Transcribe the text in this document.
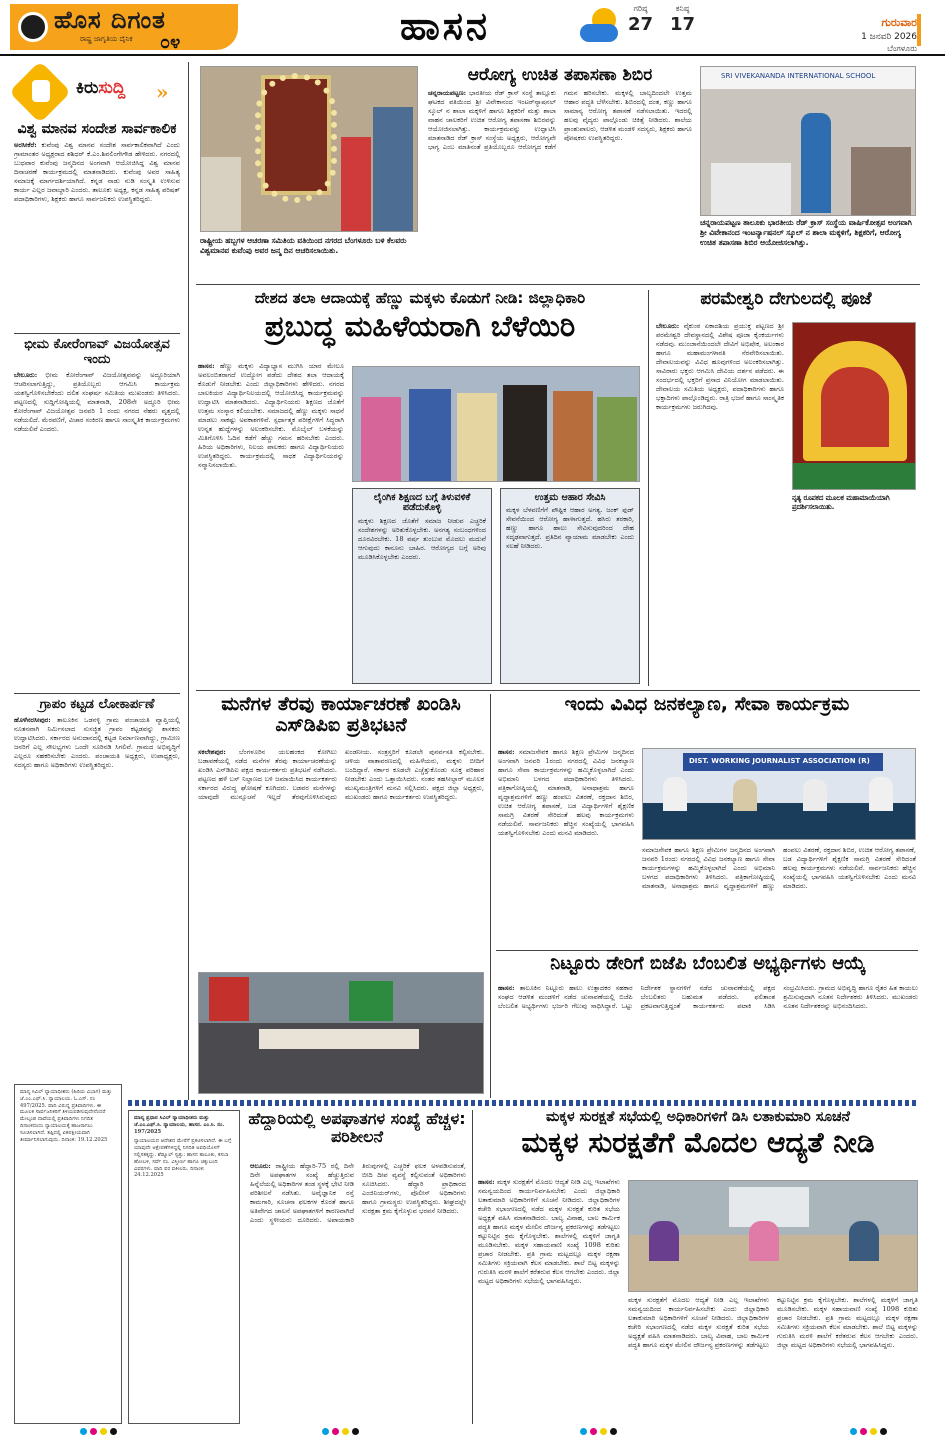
ಹೊಸ ದಿಗಂತ
ರಾಷ್ಟ್ರ ಜಾಗೃತಿಯ ದೈನಿಕ ೦೪	ಹಾಸನ	ಗರಿಷ್ಠ
27
ಕನಿಷ್ಠ
17	ಗುರುವಾರ
1 ಜನವರಿ 2026
ಬೆಂಗಳೂರು
ಕಿರುಸುದ್ದಿ »
ವಿಶ್ವ ಮಾನವ ಸಂದೇಶ ಸಾರ್ವಕಾಲಿಕ

ಅರಸೀಕೆರೆ: ಕುವೆಂಪು ವಿಶ್ವ ಮಾನವ ಸಂದೇಶ ಸಾರ್ವಕಾಲಿಕವಾಗಿದೆ ಎಂದು ಗ್ರಾಮಾಂತರ ಅಧ್ಯಕ್ಷರಾದ ಶಶಿಧರ್ ಕೆ.ಎಂ.ಶಿವಲಿಂಗೇಗೌಡ ಹೇಳಿದರು. ನಗರದಲ್ಲಿ ಬುಧವಾರ ಕುವೆಂಪು ಜನ್ಮದಿನದ ಅಂಗವಾಗಿ ಆಯೋಜಿಸಿದ್ದ ವಿಶ್ವ ಮಾನವ ದಿನಾಚರಣೆ ಕಾರ್ಯಕ್ರಮದಲ್ಲಿ ಮಾತನಾಡಿದರು. ಕುವೆಂಪು ಅವರ ಸಾಹಿತ್ಯ ಸಮಾಜಕ್ಕೆ ಮಾರ್ಗದರ್ಶಿಯಾಗಿದೆ. ಕನ್ನಡ ನಾಡು ನುಡಿ ಸಂಸ್ಕೃತಿ ಉಳಿಸುವ ಕಾರ್ಯ ಎಲ್ಲರ ಜವಾಬ್ದಾರಿ ಎಂದರು. ತಾಲೂಕು ಅಧ್ಯಕ್ಷ, ಕನ್ನಡ ಸಾಹಿತ್ಯ ಪರಿಷತ್ ಪದಾಧಿಕಾರಿಗಳು, ಶಿಕ್ಷಕರು ಹಾಗೂ ಸಾರ್ವಜನಿಕರು ಉಪಸ್ಥಿತರಿದ್ದರು.

ಭೀಮ ಕೋರೆಂಗಾವ್ ವಿಜಯೋತ್ಸವ ಇಂದು

ಬೇಲೂರು: ಭೀಮ ಕೋರೆಂಗಾವ್ ವಿಜಯೋತ್ಸವವನ್ನು ಅದ್ದೂರಿಯಾಗಿ ಆಚರಿಸಲಾಗುತ್ತಿದ್ದು, ಪ್ರತಿಯೊಬ್ಬರು ಆಗಮಿಸಿ ಕಾರ್ಯಕ್ರಮ ಯಶಸ್ವಿಗೊಳಿಸಬೇಕೆಂದು ದಲಿತ ಸಂಘರ್ಷ ಸಮಿತಿಯ ಮುಖಂಡರು ತಿಳಿಸಿದರು. ಪಟ್ಟಣದಲ್ಲಿ ಸುದ್ದಿಗೋಷ್ಠಿಯಲ್ಲಿ ಮಾತನಾಡಿ, 208ನೇ ಅದ್ದೂರಿ ಭೀಮ ಕೋರೆಂಗಾವ್ ವಿಜಯೋತ್ಸವ ಜನವರಿ 1 ರಂದು ನಗರದ ನೆಹರು ವೃತ್ತದಲ್ಲಿ ನಡೆಯಲಿದೆ. ಮೆರವಣಿಗೆ, ವಿಚಾರ ಸಂಕಿರಣ ಹಾಗೂ ಸಾಂಸ್ಕೃತಿಕ ಕಾರ್ಯಕ್ರಮಗಳು ನಡೆಯಲಿವೆ ಎಂದರು.

ಗ್ರಾಪಂ ಕಟ್ಟಡ ಲೋಕಾರ್ಪಣೆ

ಹೊಳೆನರಸೀಪುರ: ತಾಲೂಕಿನ ಒಡನಳ್ಳಿ ಗ್ರಾಮ ಪಂಚಾಯತಿ ವ್ಯಾಪ್ತಿಯಲ್ಲಿ ನೂತನವಾಗಿ ನಿರ್ಮಿಸಲಾದ ಸುಸಜ್ಜಿತ ಗ್ರಾಪಂ ಕಟ್ಟಡವನ್ನು ಶಾಸಕರು ಉದ್ಘಾಟಿಸಿದರು. ಸರ್ಕಾರದ ಅನುದಾನದಲ್ಲಿ ಕಟ್ಟಡ ನಿರ್ಮಾಣವಾಗಿದ್ದು, ಗ್ರಾಮೀಣ ಜನರಿಗೆ ಎಲ್ಲ ಸೌಲಭ್ಯಗಳು ಒಂದೇ ಸೂರಿನಡಿ ಸಿಗಲಿವೆ. ಗ್ರಾಮದ ಅಭಿವೃದ್ಧಿಗೆ ಎಲ್ಲರೂ ಸಹಕರಿಸಬೇಕು ಎಂದರು. ಪಂಚಾಯತಿ ಅಧ್ಯಕ್ಷರು, ಉಪಾಧ್ಯಕ್ಷರು, ಸದಸ್ಯರು ಹಾಗೂ ಅಧಿಕಾರಿಗಳು ಉಪಸ್ಥಿತರಿದ್ದರು.

ರಾಷ್ಟ್ರೀಯ ಹಬ್ಬಗಳ ಆಚರಣಾ ಸಮಿತಿಯ ವತಿಯಿಂದ ನಗರದ ಬೆಂಗಳೂರು ಬಳಿ ಕೆಲವರು ವಿಶ್ವಮಾನವ ಕುವೆಂಪು ಅವರ ಜನ್ಮ ದಿನ ಆಚರಿಸಲಾಯಿತು.
ಆರೋಗ್ಯ ಉಚಿತ ತಪಾಸಣಾ ಶಿಬಿರ

ಚನ್ನರಾಯಪಟ್ಟಣ: ಭಾರತೀಯ ರೆಡ್ ಕ್ರಾಸ್ ಸಂಸ್ಥೆ ತಾಲ್ಲೂಕು ಘಟಕದ ವತಿಯಿಂದ ಶ್ರೀ ವಿವೇಕಾನಂದ ಇಂಟರ್‌ನ್ಯಾಷನಲ್ ಸ್ಕೂಲ್ ನ ಶಾಲಾ ಮಕ್ಕಳಿಗೆ ಹಾಗೂ ಶಿಕ್ಷಕರಿಗೆ ಮತ್ತು ಶಾಲಾ ವಾಹನ ಚಾಲಕರಿಗೆ ಉಚಿತ ಆರೋಗ್ಯ ತಪಾಸಣಾ ಶಿಬಿರವನ್ನು ಆಯೋಜಿಸಲಾಗಿತ್ತು. ಕಾರ್ಯಕ್ರಮವನ್ನು ಉದ್ಘಾಟಿಸಿ ಮಾತನಾಡಿದ ರೆಡ್ ಕ್ರಾಸ್ ಸಂಸ್ಥೆಯ ಅಧ್ಯಕ್ಷರು, ಆರೋಗ್ಯವೇ ಭಾಗ್ಯ ಎಂಬ ಮಾತಿನಂತೆ ಪ್ರತಿಯೊಬ್ಬರೂ ಆರೋಗ್ಯದ ಕಡೆಗೆ ಗಮನ ಹರಿಸಬೇಕು. ಮಕ್ಕಳಲ್ಲಿ ಬಾಲ್ಯದಿಂದಲೇ ಉತ್ತಮ ಆಹಾರ ಪದ್ಧತಿ ಬೆಳೆಸಬೇಕು. ಶಿಬಿರದಲ್ಲಿ ದಂತ, ಕಣ್ಣು ಹಾಗೂ ಸಾಮಾನ್ಯ ಆರೋಗ್ಯ ತಪಾಸಣೆ ನಡೆಸಲಾಯಿತು. ಇದರಲ್ಲಿ ಹಲವು ವೈದ್ಯರು ಪಾಲ್ಗೊಂಡು ಚಿಕಿತ್ಸೆ ನೀಡಿದರು. ಶಾಲೆಯ ಪ್ರಾಂಶುಪಾಲರು, ಆಡಳಿತ ಮಂಡಳಿ ಸದಸ್ಯರು, ಶಿಕ್ಷಕರು ಹಾಗೂ ಪೋಷಕರು ಉಪಸ್ಥಿತರಿದ್ದರು.

SRI VIVEKANANDA INTERNATIONAL SCHOOL
ಚನ್ನರಾಯಪಟ್ಟಣ ತಾಲೂಕು ಭಾರತೀಯ ರೆಡ್ ಕ್ರಾಸ್ ಸಂಸ್ಥೆಯ ವಾರ್ಷಿಕೋತ್ಸವ ಅಂಗವಾಗಿ ಶ್ರೀ ವಿವೇಕಾನಂದ ಇಂಟರ್ನ್ಯಾಷನಲ್ ಸ್ಕೂಲ್ ನ ಶಾಲಾ ಮಕ್ಕಳಿಗೆ, ಶಿಕ್ಷಕರಿಗೆ, ಆರೋಗ್ಯ ಉಚಿತ ತಪಾಸಣಾ ಶಿಬಿರ ಆಯೋಜಿಸಲಾಗಿತ್ತು.
ದೇಶದ ತಲಾ ಆದಾಯಕ್ಕೆ ಹೆಣ್ಣು ಮಕ್ಕಳು ಕೊಡುಗೆ ನೀಡಿ: ಜಿಲ್ಲಾಧಿಕಾರಿ
ಪ್ರಬುದ್ಧ ಮಹಿಳೆಯರಾಗಿ ಬೆಳೆಯಿರಿ

ಹಾಸನ: ಹೆಣ್ಣು ಮಕ್ಕಳು ವಿದ್ಯಾಭ್ಯಾಸ ಮುಗಿಸಿ ಯಾರ ಮೇಲೂ ಅವಲಂಬಿತರಾಗದೆ ಉದ್ಯೋಗ ಪಡೆದು ದೇಶದ ತಲಾ ಆದಾಯಕ್ಕೆ ಕೊಡುಗೆ ನೀಡಬೇಕು ಎಂದು ಜಿಲ್ಲಾಧಿಕಾರಿಗಳು ಹೇಳಿದರು. ನಗರದ ಬಾಲಕಿಯರ ವಿದ್ಯಾರ್ಥಿನಿಲಯದಲ್ಲಿ ಆಯೋಜಿಸಿದ್ದ ಕಾರ್ಯಕ್ರಮವನ್ನು ಉದ್ಘಾಟಿಸಿ ಮಾತನಾಡಿದರು. ವಿದ್ಯಾರ್ಥಿನಿಯರು ಶಿಕ್ಷಣದ ಜೊತೆಗೆ ಉತ್ತಮ ಸಂಸ್ಕಾರ ಕಲಿಯಬೇಕು. ಸಮಾಜದಲ್ಲಿ ಹೆಣ್ಣು ಮಕ್ಕಳು ಸಾಧನೆ ಮಾಡಲು ಸಾಕಷ್ಟು ಅವಕಾಶಗಳಿವೆ. ಸ್ಪರ್ಧಾತ್ಮಕ ಪರೀಕ್ಷೆಗಳಿಗೆ ಸಿದ್ಧರಾಗಿ ಉನ್ನತ ಹುದ್ದೆಗಳನ್ನು ಅಲಂಕರಿಸಬೇಕು. ಮೊಬೈಲ್ ಬಳಕೆಯನ್ನು ಮಿತಿಗೊಳಿಸಿ ಓದಿನ ಕಡೆಗೆ ಹೆಚ್ಚು ಗಮನ ಹರಿಸಬೇಕು ಎಂದರು. ಹಿರಿಯ ಅಧಿಕಾರಿಗಳು, ನಿಲಯ ಪಾಲಕರು ಹಾಗೂ ವಿದ್ಯಾರ್ಥಿನಿಯರು ಉಪಸ್ಥಿತರಿದ್ದರು. ಕಾರ್ಯಕ್ರಮದಲ್ಲಿ ಸಾಧಕ ವಿದ್ಯಾರ್ಥಿನಿಯರನ್ನು ಸನ್ಮಾನಿಸಲಾಯಿತು.

ಲೈಂಗಿಕ ಶಿಕ್ಷಣದ ಬಗ್ಗೆ ತಿಳುವಳಿಕೆ ಪಡೆದುಕೊಳ್ಳಿ

ಮಕ್ಕಳು ಶಿಕ್ಷಣದ ಜೊತೆಗೆ ಸಮಾಜ ನೀಡುವ ಎಚ್ಚರಿಕೆ ಸಂದೇಶಗಳನ್ನು ಅರಿತುಕೊಳ್ಳಬೇಕು. ಅನಗತ್ಯ ಸಂಬಂಧಗಳಿಂದ ದೂರವಿರಬೇಕು. 18 ವರ್ಷ ತುಂಬುವ ಮೊದಲು ಮದುವೆ ಆಗುವುದು ಕಾನೂನು ಬಾಹಿರ. ಆರೋಗ್ಯದ ಬಗ್ಗೆ ಅರಿವು ಮೂಡಿಸಿಕೊಳ್ಳಬೇಕು ಎಂದರು.

ಉತ್ತಮ ಆಹಾರ ಸೇವಿಸಿ

ಮಕ್ಕಳ ಬೆಳವಣಿಗೆಗೆ ಪೌಷ್ಟಿಕ ಆಹಾರ ಅಗತ್ಯ. ಜಂಕ್ ಫುಡ್ ಸೇವನೆಯಿಂದ ಆರೋಗ್ಯ ಹಾಳಾಗುತ್ತದೆ. ಹಸಿರು ತರಕಾರಿ, ಹಣ್ಣು ಹಾಗೂ ಹಾಲು ಸೇವಿಸುವುದರಿಂದ ದೇಹ ಸದೃಢವಾಗುತ್ತದೆ. ಪ್ರತಿದಿನ ವ್ಯಾಯಾಮ ಮಾಡಬೇಕು ಎಂದು ಸಲಹೆ ನೀಡಿದರು.

ಪರಮೇಶ್ವರಿ ದೇಗುಲದಲ್ಲಿ ಪೂಜೆ

ಬೇಲೂರು: ವೈಕುಂಠ ಏಕಾದಶಿಯ ಪ್ರಯುಕ್ತ ಪಟ್ಟಣದ ಶ್ರೀ ಪರಮೇಶ್ವರಿ ದೇವಸ್ಥಾನದಲ್ಲಿ ವಿಶೇಷ ಪೂಜಾ ಕೈಂಕರ್ಯಗಳು ನಡೆದವು. ಮುಂಜಾನೆಯಿಂದಲೇ ದೇವಿಗೆ ಅಭಿಷೇಕ, ಅಲಂಕಾರ ಹಾಗೂ ಮಹಾಮಂಗಳಾರತಿ ನೆರವೇರಿಸಲಾಯಿತು. ದೇವಾಲಯವನ್ನು ವಿವಿಧ ಹೂವುಗಳಿಂದ ಅಲಂಕರಿಸಲಾಗಿತ್ತು. ಸಾವಿರಾರು ಭಕ್ತರು ಆಗಮಿಸಿ ದೇವಿಯ ದರ್ಶನ ಪಡೆದರು. ಈ ಸಂದರ್ಭದಲ್ಲಿ ಭಕ್ತರಿಗೆ ಪ್ರಸಾದ ವಿನಿಯೋಗ ಮಾಡಲಾಯಿತು. ದೇವಾಲಯ ಸಮಿತಿಯ ಅಧ್ಯಕ್ಷರು, ಪದಾಧಿಕಾರಿಗಳು ಹಾಗೂ ಭಕ್ತಾದಿಗಳು ಪಾಲ್ಗೊಂಡಿದ್ದರು. ರಾತ್ರಿ ಭಜನೆ ಹಾಗೂ ಸಾಂಸ್ಕೃತಿಕ ಕಾರ್ಯಕ್ರಮಗಳು ಜರುಗಿದವು.

ನೃತ್ಯ ರೂಪಕದ ಮೂಲಕ ಮಹಾಮಾಯೆಯಾಗಿ ಪ್ರದರ್ಶಿಸಲಾಯಿತು.
ಮನೆಗಳ ತೆರವು ಕಾರ್ಯಾಚರಣೆ ಖಂಡಿಸಿ ಎಸ್‌ಡಿಪಿಐ ಪ್ರತಿಭಟನೆ

ಸಕಲೇಶಪುರ: ಬೆಂಗಳೂರಿನ ಯಲಹಂಕದ ಕೋಗಿಲು ಬಡಾವಣೆಯಲ್ಲಿ ನಡೆದ ಮನೆಗಳ ತೆರವು ಕಾರ್ಯಾಚರಣೆಯನ್ನು ಖಂಡಿಸಿ ಎಸ್‌ಡಿಪಿಐ ಪಕ್ಷದ ಕಾರ್ಯಕರ್ತರು ಪ್ರತಿಭಟನೆ ನಡೆಸಿದರು. ಪಟ್ಟಣದ ಹಳೆ ಬಸ್ ನಿಲ್ದಾಣದ ಬಳಿ ಜಮಾಯಿಸಿದ ಕಾರ್ಯಕರ್ತರು ಸರ್ಕಾರದ ವಿರುದ್ಧ ಘೋಷಣೆ ಕೂಗಿದರು. ಬಡವರ ಮನೆಗಳನ್ನು ಯಾವುದೇ ಮುನ್ಸೂಚನೆ ಇಲ್ಲದೆ ತೆರವುಗೊಳಿಸಿರುವುದು ಖಂಡನೀಯ. ಸಂತ್ರಸ್ತರಿಗೆ ಕೂಡಲೇ ಪುನರ್ವಸತಿ ಕಲ್ಪಿಸಬೇಕು. ಚಳಿಯ ವಾತಾವರಣದಲ್ಲಿ ಮಹಿಳೆಯರು, ಮಕ್ಕಳು ಬೀದಿಗೆ ಬಂದಿದ್ದಾರೆ. ಸರ್ಕಾರ ಕೂಡಲೇ ಎಚ್ಚೆತ್ತುಕೊಂಡು ಸೂಕ್ತ ಪರಿಹಾರ ನೀಡಬೇಕು ಎಂದು ಒತ್ತಾಯಿಸಿದರು. ನಂತರ ತಹಸೀಲ್ದಾರ್ ಮೂಲಕ ಮುಖ್ಯಮಂತ್ರಿಗಳಿಗೆ ಮನವಿ ಸಲ್ಲಿಸಿದರು. ಪಕ್ಷದ ಜಿಲ್ಲಾ ಅಧ್ಯಕ್ಷರು, ಮುಖಂಡರು ಹಾಗೂ ಕಾರ್ಯಕರ್ತರು ಉಪಸ್ಥಿತರಿದ್ದರು.

ಇಂದು ವಿವಿಧ ಜನಕಲ್ಯಾಣ, ಸೇವಾ ಕಾರ್ಯಕ್ರಮ

ಹಾಸನ: ಸಮಾಜಸೇವಕ ಹಾಗೂ ಶಿಕ್ಷಣ ಪ್ರೇಮಿಗಳ ಜನ್ಮದಿನದ ಅಂಗವಾಗಿ ಜನವರಿ 1ರಂದು ನಗರದಲ್ಲಿ ವಿವಿಧ ಜನಕಲ್ಯಾಣ ಹಾಗೂ ಸೇವಾ ಕಾರ್ಯಕ್ರಮಗಳನ್ನು ಹಮ್ಮಿಕೊಳ್ಳಲಾಗಿದೆ ಎಂದು ಅಭಿಮಾನಿ ಬಳಗದ ಪದಾಧಿಕಾರಿಗಳು ತಿಳಿಸಿದರು. ಪತ್ರಿಕಾಗೋಷ್ಠಿಯಲ್ಲಿ ಮಾತನಾಡಿ, ಅನಾಥಾಶ್ರಮ ಹಾಗೂ ವೃದ್ಧಾಶ್ರಮಗಳಿಗೆ ಹಣ್ಣು ಹಂಪಲು ವಿತರಣೆ, ರಕ್ತದಾನ ಶಿಬಿರ, ಉಚಿತ ಆರೋಗ್ಯ ತಪಾಸಣೆ, ಬಡ ವಿದ್ಯಾರ್ಥಿಗಳಿಗೆ ಶೈಕ್ಷಣಿಕ ಸಾಮಗ್ರಿ ವಿತರಣೆ ಸೇರಿದಂತೆ ಹಲವು ಕಾರ್ಯಕ್ರಮಗಳು ನಡೆಯಲಿವೆ. ಸಾರ್ವಜನಿಕರು ಹೆಚ್ಚಿನ ಸಂಖ್ಯೆಯಲ್ಲಿ ಭಾಗವಹಿಸಿ ಯಶಸ್ವಿಗೊಳಿಸಬೇಕು ಎಂದು ಮನವಿ ಮಾಡಿದರು.

DIST. WORKING JOURNALIST ASSOCIATION (R)

ಸಮಾಜಸೇವಕ ಹಾಗೂ ಶಿಕ್ಷಣ ಪ್ರೇಮಿಗಳ ಜನ್ಮದಿನದ ಅಂಗವಾಗಿ ಜನವರಿ 1ರಂದು ನಗರದಲ್ಲಿ ವಿವಿಧ ಜನಕಲ್ಯಾಣ ಹಾಗೂ ಸೇವಾ ಕಾರ್ಯಕ್ರಮಗಳನ್ನು ಹಮ್ಮಿಕೊಳ್ಳಲಾಗಿದೆ ಎಂದು ಅಭಿಮಾನಿ ಬಳಗದ ಪದಾಧಿಕಾರಿಗಳು ತಿಳಿಸಿದರು. ಪತ್ರಿಕಾಗೋಷ್ಠಿಯಲ್ಲಿ ಮಾತನಾಡಿ, ಅನಾಥಾಶ್ರಮ ಹಾಗೂ ವೃದ್ಧಾಶ್ರಮಗಳಿಗೆ ಹಣ್ಣು ಹಂಪಲು ವಿತರಣೆ, ರಕ್ತದಾನ ಶಿಬಿರ, ಉಚಿತ ಆರೋಗ್ಯ ತಪಾಸಣೆ, ಬಡ ವಿದ್ಯಾರ್ಥಿಗಳಿಗೆ ಶೈಕ್ಷಣಿಕ ಸಾಮಗ್ರಿ ವಿತರಣೆ ಸೇರಿದಂತೆ ಹಲವು ಕಾರ್ಯಕ್ರಮಗಳು ನಡೆಯಲಿವೆ. ಸಾರ್ವಜನಿಕರು ಹೆಚ್ಚಿನ ಸಂಖ್ಯೆಯಲ್ಲಿ ಭಾಗವಹಿಸಿ ಯಶಸ್ವಿಗೊಳಿಸಬೇಕು ಎಂದು ಮನವಿ ಮಾಡಿದರು.

ನಿಟ್ಟೂರು ಡೇರಿಗೆ ಬಿಜೆಪಿ ಬೆಂಬಲಿತ ಅಭ್ಯರ್ಥಿಗಳು ಆಯ್ಕೆ

ಹಾಸನ: ತಾಲೂಕಿನ ನಿಟ್ಟೂರು ಹಾಲು ಉತ್ಪಾದಕರ ಸಹಕಾರ ಸಂಘದ ಆಡಳಿತ ಮಂಡಳಿಗೆ ನಡೆದ ಚುನಾವಣೆಯಲ್ಲಿ ಬಿಜೆಪಿ ಬೆಂಬಲಿತ ಅಭ್ಯರ್ಥಿಗಳು ಭರ್ಜರಿ ಗೆಲುವು ಸಾಧಿಸಿದ್ದಾರೆ. ಒಟ್ಟು ನಿರ್ದೇಶಕ ಸ್ಥಾನಗಳಿಗೆ ನಡೆದ ಚುನಾವಣೆಯಲ್ಲಿ ಪಕ್ಷದ ಬೆಂಬಲಿತರು ಬಹುಮತ ಪಡೆದರು. ಫಲಿತಾಂಶ ಪ್ರಕಟವಾಗುತ್ತಿದ್ದಂತೆ ಕಾರ್ಯಕರ್ತರು ಪಟಾಕಿ ಸಿಡಿಸಿ ಸಂಭ್ರಮಿಸಿದರು. ಗ್ರಾಮದ ಅಭಿವೃದ್ಧಿ ಹಾಗೂ ರೈತರ ಹಿತ ಕಾಯಲು ಶ್ರಮಿಸುವುದಾಗಿ ನೂತನ ನಿರ್ದೇಶಕರು ತಿಳಿಸಿದರು. ಮುಖಂಡರು ನೂತನ ನಿರ್ದೇಶಕರನ್ನು ಅಭಿನಂದಿಸಿದರು.

ಮಾನ್ಯ ಸಿವಿಲ್ ನ್ಯಾಯಾಧೀಶರು (ಹಿರಿಯ ವಿಭಾಗ) ಮತ್ತು ಜೆ.ಎಂ.ಎಫ್.ಸಿ. ನ್ಯಾಯಾಲಯ. ಓ.ಎಸ್. ನಂ 497/2025. ವಾದಿ ವಿರುದ್ಧ ಪ್ರತಿವಾದಿಗಳು. ಈ ಮೂಲಕ ಸಾರ್ವಜನಿಕರಿಗೆ ತಿಳಿಯಪಡಿಸುವುದೇನೆಂದರೆ ಮೇಲ್ಕಂಡ ದಾವೆಯಲ್ಲಿ ಪ್ರತಿವಾದಿಗಳು ನಿಗದಿತ ದಿನಾಂಕದಂದು ನ್ಯಾಯಾಲಯಕ್ಕೆ ಹಾಜರಾಗಲು ಸೂಚಿಸಲಾಗಿದೆ. ತಪ್ಪಿದಲ್ಲಿ ಏಕಪಕ್ಷೀಯವಾಗಿ ತೀರ್ಮಾನಿಸಲಾಗುವುದು. ದಿನಾಂಕ: 19.12.2025

ಮಾನ್ಯ ಪ್ರಧಾನ ಸಿವಿಲ್ ನ್ಯಾಯಾಧೀಶರು ಮತ್ತು ಜೆ.ಎಂ.ಎಫ್.ಸಿ. ನ್ಯಾಯಾಲಯ, ಹಾಸನ. ಎಂ.ಸಿ. ನಂ. 197/2025

ನ್ಯಾಯಾಲಯದ ಆದೇಶದ ಮೇರೆಗೆ ಪ್ರಕಟಿಸಲಾಗಿದೆ. ಈ ಬಗ್ಗೆ ಯಾವುದೇ ಆಕ್ಷೇಪಣೆಗಳಿದ್ದಲ್ಲಿ ನಿಗದಿತ ಅವಧಿಯೊಳಗೆ ಸಲ್ಲಿಸತಕ್ಕದ್ದು. ಶೆಡ್ಯೂಲ್ ಸ್ವತ್ತು: ಹಾಸನ ತಾಲೂಕು, ಕಸಬಾ ಹೋಬಳಿ, ಸರ್ವೆ ನಂ. ವಿಸ್ತೀರ್ಣ ಹಾಗೂ ಚಕ್ಕುಬಂದಿ ವಿವರಗಳು. ವಾದಿ ಪರ ವಕೀಲರು. ದಿನಾಂಕ: 24.12.2025

ಹೆದ್ದಾರಿಯಲ್ಲಿ ಅಪಘಾತಗಳ ಸಂಖ್ಯೆ ಹೆಚ್ಚಳ: ಪರಿಶೀಲನೆ

ಆಲೂರು: ರಾಷ್ಟ್ರೀಯ ಹೆದ್ದಾರಿ-75 ರಲ್ಲಿ ದಿನೇ ದಿನೇ ಅಪಘಾತಗಳ ಸಂಖ್ಯೆ ಹೆಚ್ಚುತ್ತಿರುವ ಹಿನ್ನೆಲೆಯಲ್ಲಿ ಅಧಿಕಾರಿಗಳ ತಂಡ ಸ್ಥಳಕ್ಕೆ ಭೇಟಿ ನೀಡಿ ಪರಿಶೀಲನೆ ನಡೆಸಿತು. ಅವೈಜ್ಞಾನಿಕ ರಸ್ತೆ ಕಾಮಗಾರಿ, ಸೂಚನಾ ಫಲಕಗಳ ಕೊರತೆ ಹಾಗೂ ಅತಿವೇಗದ ಚಾಲನೆ ಅಪಘಾತಗಳಿಗೆ ಕಾರಣವಾಗಿದೆ ಎಂದು ಸ್ಥಳೀಯರು ದೂರಿದರು. ಅಪಾಯಕಾರಿ ತಿರುವುಗಳಲ್ಲಿ ಎಚ್ಚರಿಕೆ ಫಲಕ ಅಳವಡಿಸುವಂತೆ, ಬೀದಿ ದೀಪ ವ್ಯವಸ್ಥೆ ಕಲ್ಪಿಸುವಂತೆ ಅಧಿಕಾರಿಗಳು ಸೂಚಿಸಿದರು. ಹೆದ್ದಾರಿ ಪ್ರಾಧಿಕಾರದ ಎಂಜಿನಿಯರ್‌ಗಳು, ಪೊಲೀಸ್ ಅಧಿಕಾರಿಗಳು ಹಾಗೂ ಗ್ರಾಮಸ್ಥರು ಉಪಸ್ಥಿತರಿದ್ದರು. ಶೀಘ್ರದಲ್ಲೇ ಸುರಕ್ಷತಾ ಕ್ರಮ ಕೈಗೊಳ್ಳುವ ಭರವಸೆ ನೀಡಿದರು.

ಮಕ್ಕಳ ಸುರಕ್ಷತೆ ಸಭೆಯಲ್ಲಿ ಅಧಿಕಾರಿಗಳಿಗೆ ಡಿಸಿ ಲತಾಕುಮಾರಿ ಸೂಚನೆ
ಮಕ್ಕಳ ಸುರಕ್ಷತೆಗೆ ಮೊದಲ ಆದ್ಯತೆ ನೀಡಿ

ಹಾಸನ: ಮಕ್ಕಳ ಸುರಕ್ಷತೆಗೆ ಮೊದಲ ಆದ್ಯತೆ ನೀಡಿ ಎಲ್ಲ ಇಲಾಖೆಗಳು ಸಮನ್ವಯದಿಂದ ಕಾರ್ಯನಿರ್ವಹಿಸಬೇಕು ಎಂದು ಜಿಲ್ಲಾಧಿಕಾರಿ ಲತಾಕುಮಾರಿ ಅಧಿಕಾರಿಗಳಿಗೆ ಸೂಚನೆ ನೀಡಿದರು. ಜಿಲ್ಲಾಧಿಕಾರಿಗಳ ಕಚೇರಿ ಸಭಾಂಗಣದಲ್ಲಿ ನಡೆದ ಮಕ್ಕಳ ಸುರಕ್ಷತೆ ಕುರಿತ ಸಭೆಯ ಅಧ್ಯಕ್ಷತೆ ವಹಿಸಿ ಮಾತನಾಡಿದರು. ಬಾಲ್ಯ ವಿವಾಹ, ಬಾಲ ಕಾರ್ಮಿಕ ಪದ್ಧತಿ ಹಾಗೂ ಮಕ್ಕಳ ಮೇಲಿನ ದೌರ್ಜನ್ಯ ಪ್ರಕರಣಗಳನ್ನು ತಡೆಗಟ್ಟಲು ಕಟ್ಟುನಿಟ್ಟಿನ ಕ್ರಮ ಕೈಗೊಳ್ಳಬೇಕು. ಶಾಲೆಗಳಲ್ಲಿ ಮಕ್ಕಳಿಗೆ ಜಾಗೃತಿ ಮೂಡಿಸಬೇಕು. ಮಕ್ಕಳ ಸಹಾಯವಾಣಿ ಸಂಖ್ಯೆ 1098 ಕುರಿತು ಪ್ರಚಾರ ನೀಡಬೇಕು. ಪ್ರತಿ ಗ್ರಾಮ ಮಟ್ಟದಲ್ಲೂ ಮಕ್ಕಳ ರಕ್ಷಣಾ ಸಮಿತಿಗಳು ಸಕ್ರಿಯವಾಗಿ ಕೆಲಸ ಮಾಡಬೇಕು. ಶಾಲೆ ಬಿಟ್ಟ ಮಕ್ಕಳನ್ನು ಗುರುತಿಸಿ ಮರಳಿ ಶಾಲೆಗೆ ಕರೆತರುವ ಕೆಲಸ ಆಗಬೇಕು ಎಂದರು. ಜಿಲ್ಲಾ ಮಟ್ಟದ ಅಧಿಕಾರಿಗಳು ಸಭೆಯಲ್ಲಿ ಭಾಗವಹಿಸಿದ್ದರು.

ಮಕ್ಕಳ ಸುರಕ್ಷತೆಗೆ ಮೊದಲ ಆದ್ಯತೆ ನೀಡಿ ಎಲ್ಲ ಇಲಾಖೆಗಳು ಸಮನ್ವಯದಿಂದ ಕಾರ್ಯನಿರ್ವಹಿಸಬೇಕು ಎಂದು ಜಿಲ್ಲಾಧಿಕಾರಿ ಲತಾಕುಮಾರಿ ಅಧಿಕಾರಿಗಳಿಗೆ ಸೂಚನೆ ನೀಡಿದರು. ಜಿಲ್ಲಾಧಿಕಾರಿಗಳ ಕಚೇರಿ ಸಭಾಂಗಣದಲ್ಲಿ ನಡೆದ ಮಕ್ಕಳ ಸುರಕ್ಷತೆ ಕುರಿತ ಸಭೆಯ ಅಧ್ಯಕ್ಷತೆ ವಹಿಸಿ ಮಾತನಾಡಿದರು. ಬಾಲ್ಯ ವಿವಾಹ, ಬಾಲ ಕಾರ್ಮಿಕ ಪದ್ಧತಿ ಹಾಗೂ ಮಕ್ಕಳ ಮೇಲಿನ ದೌರ್ಜನ್ಯ ಪ್ರಕರಣಗಳನ್ನು ತಡೆಗಟ್ಟಲು ಕಟ್ಟುನಿಟ್ಟಿನ ಕ್ರಮ ಕೈಗೊಳ್ಳಬೇಕು. ಶಾಲೆಗಳಲ್ಲಿ ಮಕ್ಕಳಿಗೆ ಜಾಗೃತಿ ಮೂಡಿಸಬೇಕು. ಮಕ್ಕಳ ಸಹಾಯವಾಣಿ ಸಂಖ್ಯೆ 1098 ಕುರಿತು ಪ್ರಚಾರ ನೀಡಬೇಕು. ಪ್ರತಿ ಗ್ರಾಮ ಮಟ್ಟದಲ್ಲೂ ಮಕ್ಕಳ ರಕ್ಷಣಾ ಸಮಿತಿಗಳು ಸಕ್ರಿಯವಾಗಿ ಕೆಲಸ ಮಾಡಬೇಕು. ಶಾಲೆ ಬಿಟ್ಟ ಮಕ್ಕಳನ್ನು ಗುರುತಿಸಿ ಮರಳಿ ಶಾಲೆಗೆ ಕರೆತರುವ ಕೆಲಸ ಆಗಬೇಕು ಎಂದರು. ಜಿಲ್ಲಾ ಮಟ್ಟದ ಅಧಿಕಾರಿಗಳು ಸಭೆಯಲ್ಲಿ ಭಾಗವಹಿಸಿದ್ದರು.
